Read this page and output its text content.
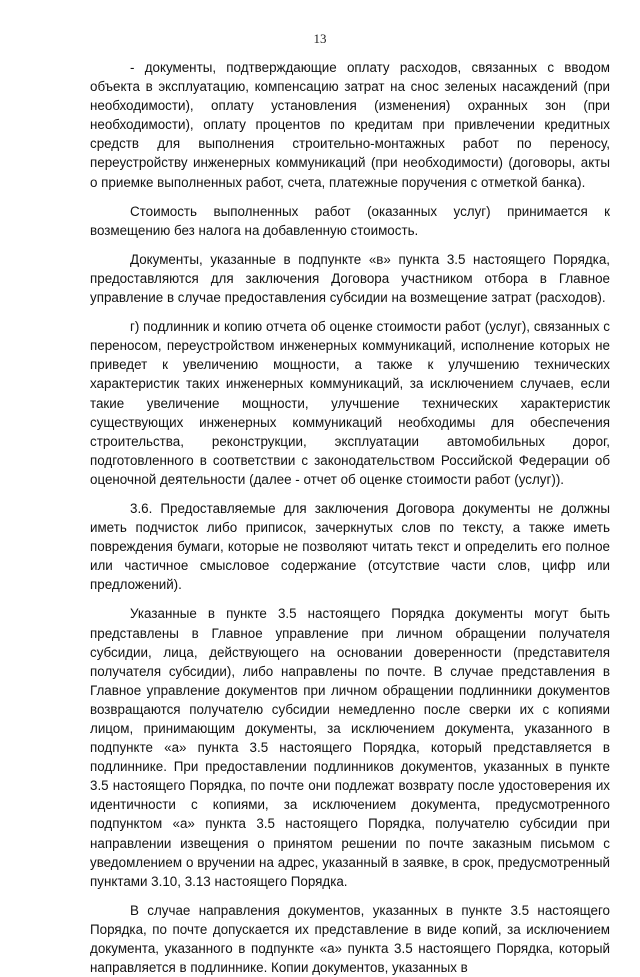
13

- документы, подтверждающие оплату расходов, связанных с вводом объекта в эксплуатацию, компенсацию затрат на снос зеленых насаждений (при необходимости), оплату установления (изменения) охранных зон (при необходимости), оплату процентов по кредитам при привлечении кредитных средств для выполнения строительно-монтажных работ по переносу, переустройству инженерных коммуникаций (при необходимости) (договоры, акты о приемке выполненных работ, счета, платежные поручения с отметкой банка).

Стоимость выполненных работ (оказанных услуг) принимается к возмещению без налога на добавленную стоимость.

Документы, указанные в подпункте «в» пункта 3.5 настоящего Порядка, предоставляются для заключения Договора участником отбора в Главное управление в случае предоставления субсидии на возмещение затрат (расходов).

г) подлинник и копию отчета об оценке стоимости работ (услуг), связанных с переносом, переустройством инженерных коммуникаций, исполнение которых не приведет к увеличению мощности, а также к улучшению технических характеристик таких инженерных коммуникаций, за исключением случаев, если такие увеличение мощности, улучшение технических характеристик существующих инженерных коммуникаций необходимы для обеспечения строительства, реконструкции, эксплуатации автомобильных дорог, подготовленного в соответствии с законодательством Российской Федерации об оценочной деятельности (далее - отчет об оценке стоимости работ (услуг)).

3.6. Предоставляемые для заключения Договора документы не должны иметь подчисток либо приписок, зачеркнутых слов по тексту, а также иметь повреждения бумаги, которые не позволяют читать текст и определить его полное или частичное смысловое содержание (отсутствие части слов, цифр или предложений).

Указанные в пункте 3.5 настоящего Порядка документы могут быть представлены в Главное управление при личном обращении получателя субсидии, лица, действующего на основании доверенности (представителя получателя субсидии), либо направлены по почте. В случае представления в Главное управление документов при личном обращении подлинники документов возвращаются получателю субсидии немедленно после сверки их с копиями лицом, принимающим документы, за исключением документа, указанного в подпункте «а» пункта 3.5 настоящего Порядка, который представляется в подлиннике. При предоставлении подлинников документов, указанных в пункте 3.5 настоящего Порядка, по почте они подлежат возврату после удостоверения их идентичности с копиями, за исключением документа, предусмотренного подпунктом «а» пункта 3.5 настоящего Порядка, получателю субсидии при направлении извещения о принятом решении по почте заказным письмом с уведомлением о вручении на адрес, указанный в заявке, в срок, предусмотренный пунктами 3.10, 3.13 настоящего Порядка.

В случае направления документов, указанных в пункте 3.5 настоящего Порядка, по почте допускается их представление в виде копий, за исключением документа, указанного в подпункте «а» пункта 3.5 настоящего Порядка, который направляется в подлиннике. Копии документов, указанных в
